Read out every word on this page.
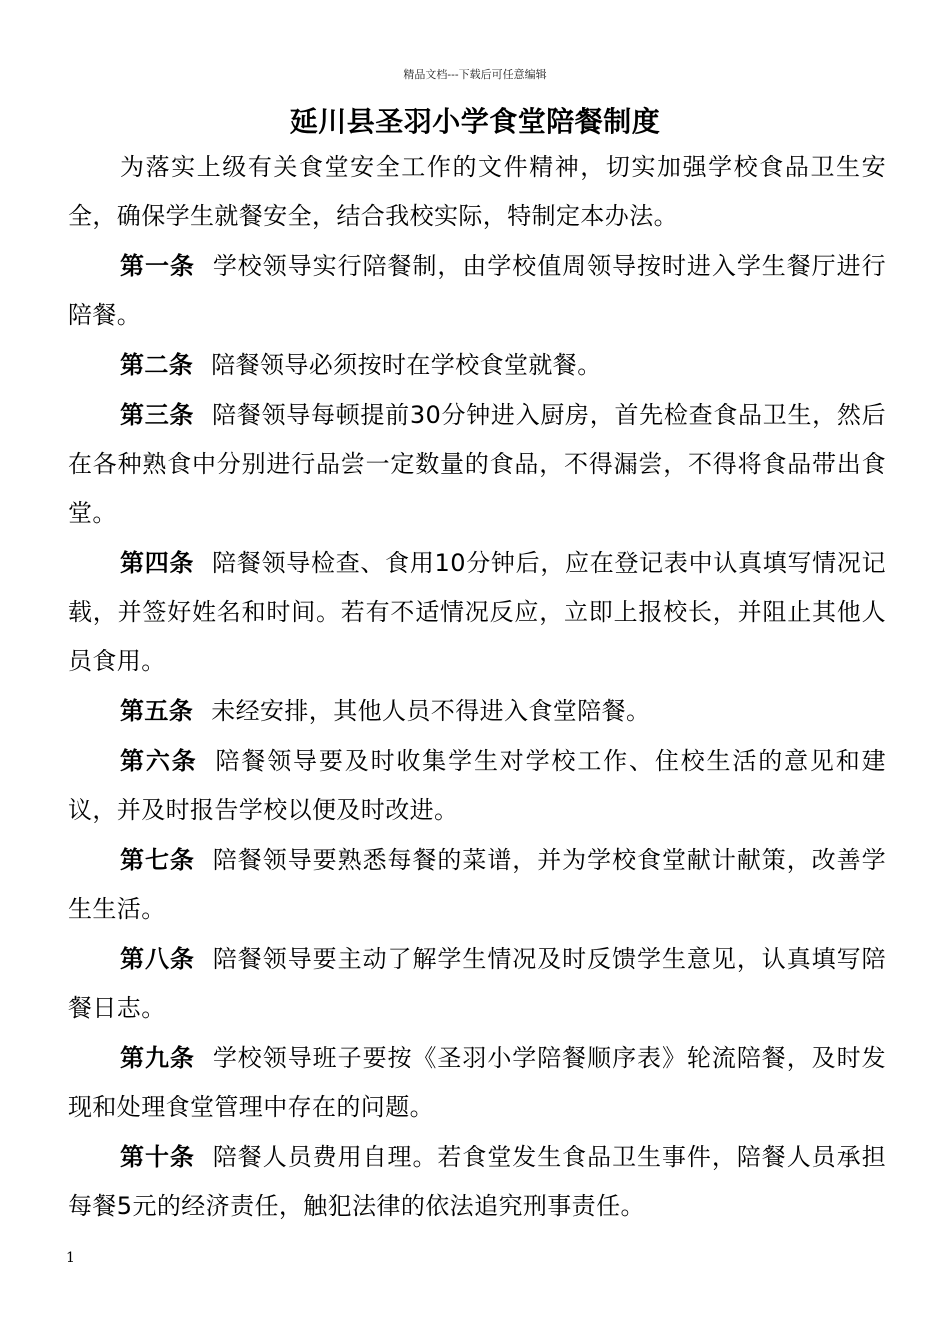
精品文档---下载后可任意编辑
延川县圣羽小学食堂陪餐制度

为落实上级有关食堂安全工作的文件精神，切实加强学校食品卫生安全，确保学生就餐安全，结合我校实际，特制定本办法。

第一条 学校领导实行陪餐制，由学校值周领导按时进入学生餐厅进行陪餐。

第二条 陪餐领导必须按时在学校食堂就餐。

第三条 陪餐领导每顿提前30分钟进入厨房，首先检查食品卫生，然后在各种熟食中分别进行品尝一定数量的食品，不得漏尝，不得将食品带出食堂。

第四条 陪餐领导检查、食用10分钟后，应在登记表中认真填写情况记载，并签好姓名和时间。若有不适情况反应，立即上报校长，并阻止其他人员食用。

第五条 未经安排，其他人员不得进入食堂陪餐。

第六条 陪餐领导要及时收集学生对学校工作、住校生活的意见和建议，并及时报告学校以便及时改进。

第七条 陪餐领导要熟悉每餐的菜谱，并为学校食堂献计献策，改善学生生活。

第八条 陪餐领导要主动了解学生情况及时反馈学生意见，认真填写陪餐日志。

第九条 学校领导班子要按《圣羽小学陪餐顺序表》轮流陪餐，及时发现和处理食堂管理中存在的问题。

第十条 陪餐人员费用自理。若食堂发生食品卫生事件，陪餐人员承担每餐5元的经济责任，触犯法律的依法追究刑事责任。

1
